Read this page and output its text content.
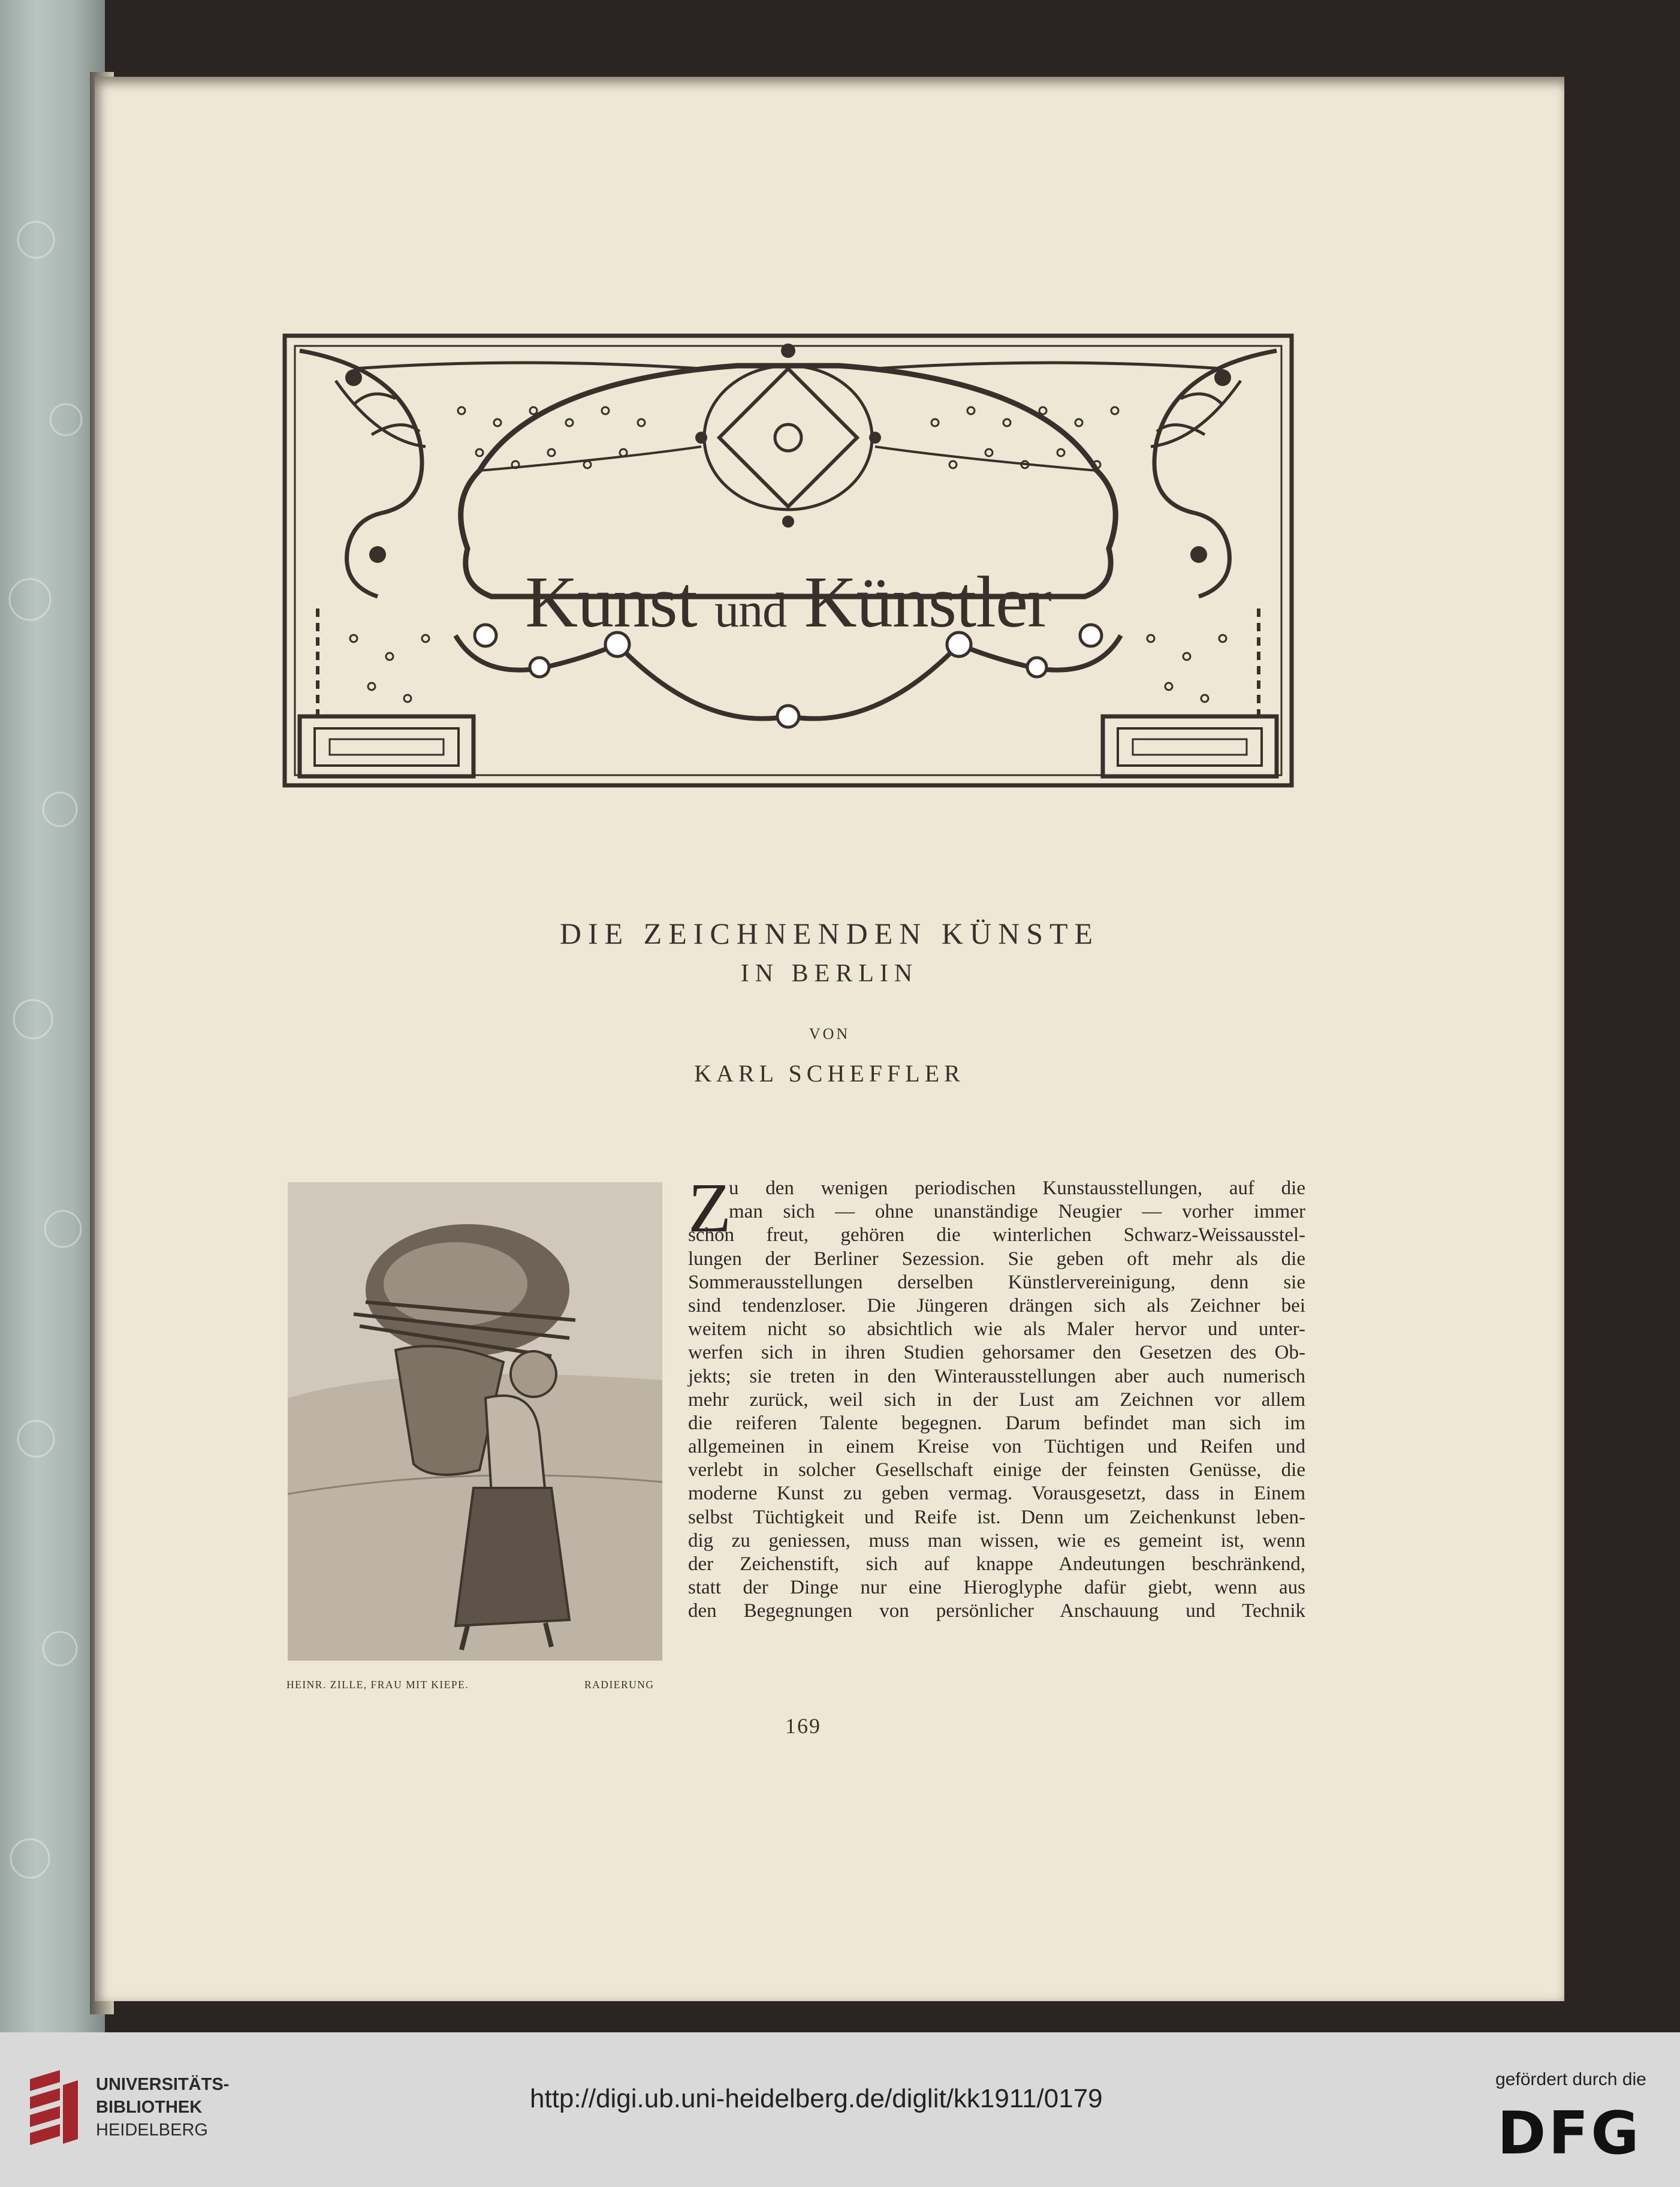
Kunst und Künstler
DIE ZEICHNENDEN KÜNSTE
IN BERLIN
VON
KARL SCHEFFLER
HEINR. ZILLE, FRAU MIT KIEPE.	RADIERUNG
Z
u den wenigen periodischen Kunstausstellungen, auf die
man sich — ohne unanständige Neugier — vorher immer
schon freut, gehören die winterlichen Schwarz-Weissausstel-
lungen der Berliner Sezession. Sie geben oft mehr als die
Sommerausstellungen derselben Künstlervereinigung, denn sie
sind tendenzloser. Die Jüngeren drängen sich als Zeichner bei
weitem nicht so absichtlich wie als Maler hervor und unter-
werfen sich in ihren Studien gehorsamer den Gesetzen des Ob-
jekts; sie treten in den Winterausstellungen aber auch numerisch
mehr zurück, weil sich in der Lust am Zeichnen vor allem
die reiferen Talente begegnen. Darum befindet man sich im
allgemeinen in einem Kreise von Tüchtigen und Reifen und
verlebt in solcher Gesellschaft einige der feinsten Genüsse, die
moderne Kunst zu geben vermag. Vorausgesetzt, dass in Einem
selbst Tüchtigkeit und Reife ist. Denn um Zeichenkunst leben-
dig zu geniessen, muss man wissen, wie es gemeint ist, wenn
der Zeichenstift, sich auf knappe Andeutungen beschränkend,
statt der Dinge nur eine Hieroglyphe dafür giebt, wenn aus
den Begegnungen von persönlicher Anschauung und Technik
169
UNIVERSITÄTS-
BIBLIOTHEK
HEIDELBERG
http://digi.ub.uni-heidelberg.de/diglit/kk1911/0179
gefördert durch die
DFG
